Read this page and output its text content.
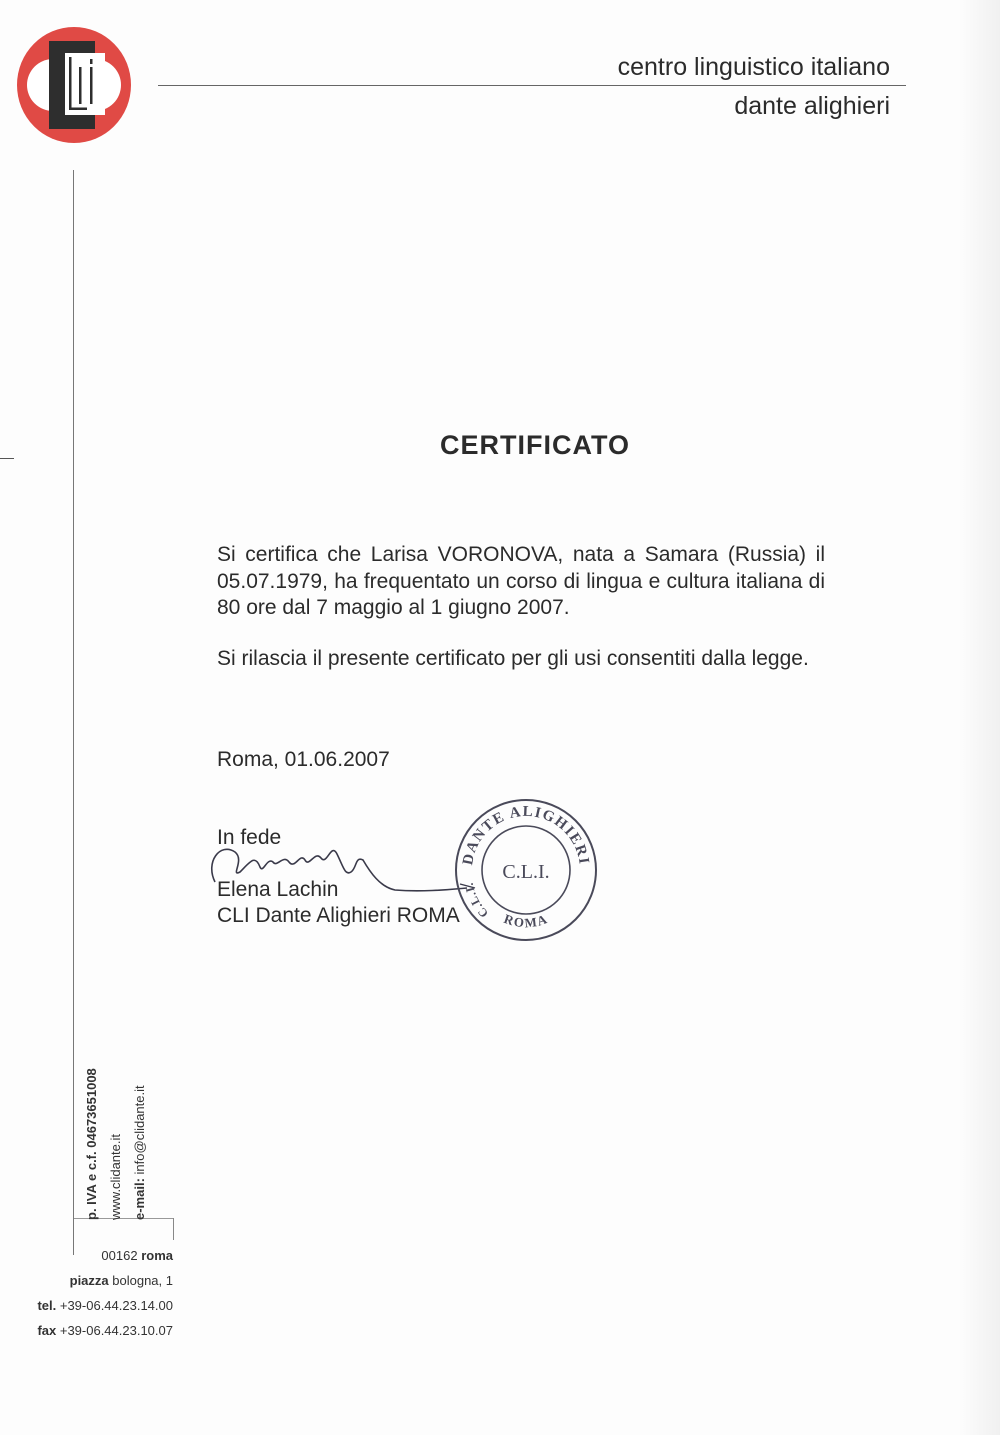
centro linguistico italiano
dante alighieri
p. IVA e c.f. 04673651008
www.clidante.it e-mail: info@clidante.it
00162 roma
piazza bologna, 1
tel. +39-06.44.23.14.00
fax +39-06.44.23.10.07
CERTIFICATO
Si certifica che Larisa VORONOVA, nata a Samara (Russia) il 05.07.1979, ha frequentato un corso di lingua e cultura italiana di 80 ore dal 7 maggio al 1 giugno 2007.
Si rilascia il presente certificato per gli usi consentiti dalla legge.
Roma, 01.06.2007
In fede
Elena Lachin
CLI Dante Alighieri ROMA
DANTE ALIGHIERI
C.L.I.
ROMA
C.L.I.
